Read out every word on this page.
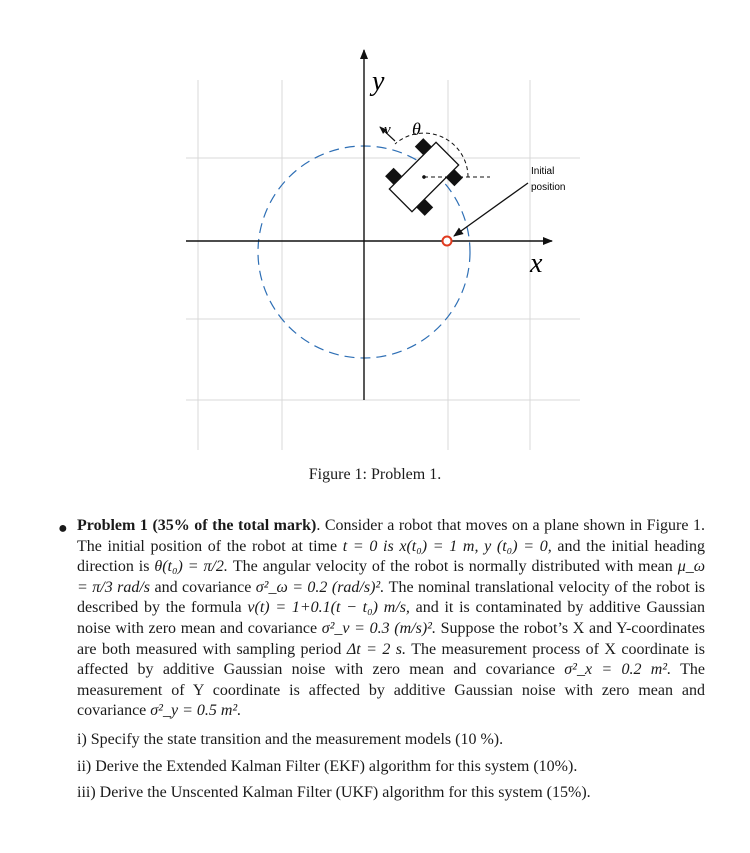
y
x
v θ
Initial
position
Figure 1: Problem 1.
● Problem 1 (35% of the total mark). Consider a robot that moves on a plane shown in Figure 1. The initial position of the robot at time t = 0 is x(t₀) = 1 m, y (t₀) = 0, and the initial heading direction is θ(t₀) = π/2. The angular velocity of the robot is normally distributed with mean μ_ω = π/3 rad/s and covariance σ²_ω = 0.2 (rad/s)². The nominal translational velocity of the robot is described by the formula v(t) = 1+0.1(t − t₀) m/s, and it is contaminated by additive Gaussian noise with zero mean and covariance σ²_v = 0.3 (m/s)². Suppose the robot’s X and Y-coordinates are both measured with sampling period Δt = 2 s. The measurement process of X coordinate is affected by additive Gaussian noise with zero mean and covariance σ²_x = 0.2 m². The measurement of Y coordinate is affected by additive Gaussian noise with zero mean and covariance σ²_y = 0.5 m².

i) Specify the state transition and the measurement models (10 %).

ii) Derive the Extended Kalman Filter (EKF) algorithm for this system (10%).

iii) Derive the Unscented Kalman Filter (UKF) algorithm for this system (15%).
